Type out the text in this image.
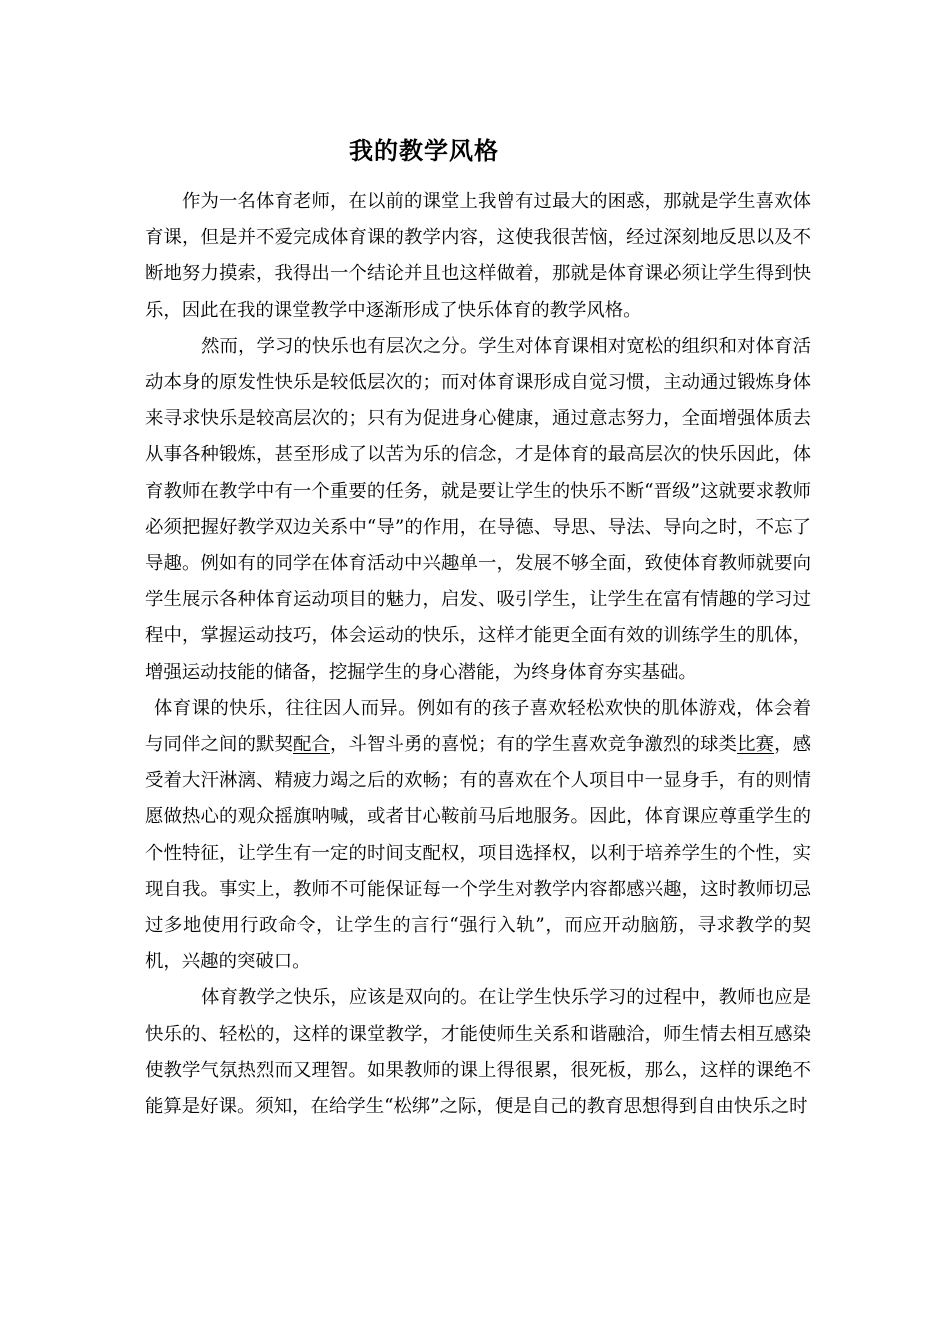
我的教学风格

作为一名体育老师，在以前的课堂上我曾有过最大的困惑，那就是学生喜欢体育课，但是并不爱完成体育课的教学内容，这使我很苦恼，经过深刻地反思以及不断地努力摸索，我得出一个结论并且也这样做着，那就是体育课必须让学生得到快乐，因此在我的课堂教学中逐渐形成了快乐体育的教学风格。

然而，学习的快乐也有层次之分。学生对体育课相对宽松的组织和对体育活动本身的原发性快乐是较低层次的；而对体育课形成自觉习惯，主动通过锻炼身体来寻求快乐是较高层次的；只有为促进身心健康，通过意志努力，全面增强体质去从事各种锻炼，甚至形成了以苦为乐的信念，才是体育的最高层次的快乐因此，体育教师在教学中有一个重要的任务，就是要让学生的快乐不断“晋级”这就要求教师必须把握好教学双边关系中“导”的作用，在导德、导思、导法、导向之时，不忘了导趣。例如有的同学在体育活动中兴趣单一，发展不够全面，致使体育教师就要向学生展示各种体育运动项目的魅力，启发、吸引学生，让学生在富有情趣的学习过程中，掌握运动技巧，体会运动的快乐，这样才能更全面有效的训练学生的肌体，增强运动技能的储备，挖掘学生的身心潜能，为终身体育夯实基础。

体育课的快乐，往往因人而异。例如有的孩子喜欢轻松欢快的肌体游戏，体会着与同伴之间的默契配合，斗智斗勇的喜悦；有的学生喜欢竞争激烈的球类比赛，感受着大汗淋漓、精疲力竭之后的欢畅；有的喜欢在个人项目中一显身手，有的则情愿做热心的观众摇旗呐喊，或者甘心鞍前马后地服务。因此，体育课应尊重学生的个性特征，让学生有一定的时间支配权，项目选择权，以利于培养学生的个性，实现自我。事实上，教师不可能保证每一个学生对教学内容都感兴趣，这时教师切忌过多地使用行政命令，让学生的言行“强行入轨”，而应开动脑筋，寻求教学的契机，兴趣的突破口。

体育教学之快乐，应该是双向的。在让学生快乐学习的过程中，教师也应是快乐的、轻松的，这样的课堂教学，才能使师生关系和谐融洽，师生情去相互感染使教学气氛热烈而又理智。如果教师的课上得很累，很死板，那么，这样的课绝不能算是好课。须知，在给学生“松绑”之际，便是自己的教育思想得到自由快乐之时
